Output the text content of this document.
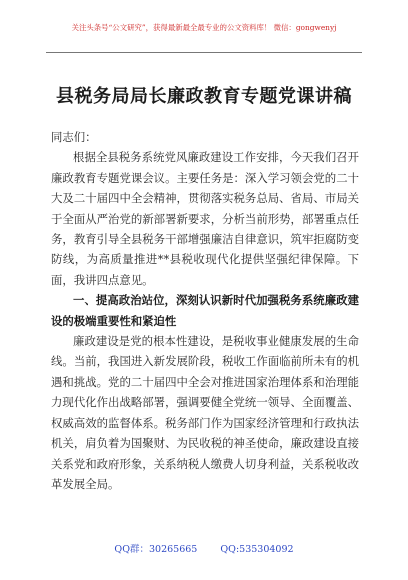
关注头条号“公文研究”，获得最新最全最专业的公文资料库！ 微信：gongwenyj
县税务局局长廉政教育专题党课讲稿

同志们：

根据全县税务系统党风廉政建设工作安排，今天我们召开廉政教育专题党课会议。主要任务是：深入学习领会党的二十大及二十届四中全会精神，贯彻落实税务总局、省局、市局关于全面从严治党的新部署新要求，分析当前形势，部署重点任务，教育引导全县税务干部增强廉洁自律意识，筑牢拒腐防变防线，为高质量推进**县税收现代化提供坚强纪律保障。下面，我讲四点意见。

一、提高政治站位，深刻认识新时代加强税务系统廉政建设的极端重要性和紧迫性

廉政建设是党的根本性建设，是税收事业健康发展的生命线。当前，我国进入新发展阶段，税收工作面临前所未有的机遇和挑战。党的二十届四中全会对推进国家治理体系和治理能力现代化作出战略部署，强调要健全党统一领导、全面覆盖、权威高效的监督体系。税务部门作为国家经济管理和行政执法机关，肩负着为国聚财、为民收税的神圣使命，廉政建设直接关系党和政府形象，关系纳税人缴费人切身利益，关系税收改革发展全局。

QQ群：30265665 QQ:535304092
